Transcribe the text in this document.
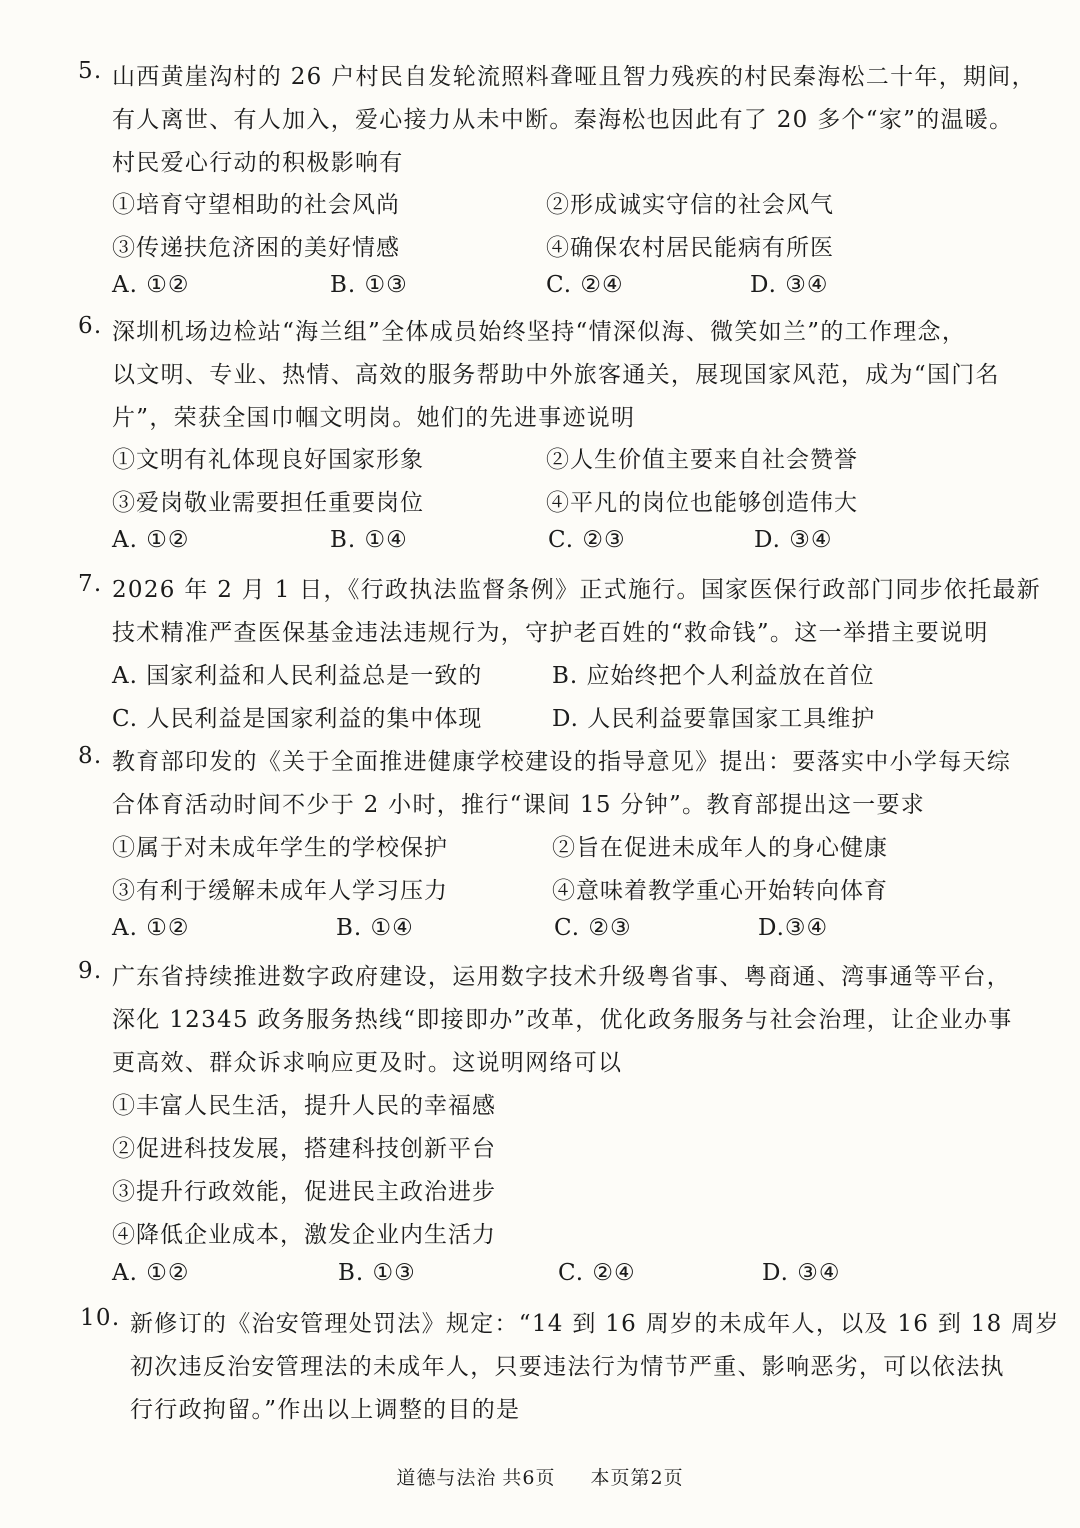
5. 山西黄崖沟村的 26 户村民自发轮流照料聋哑且智力残疾的村民秦海松二十年，期间，
有人离世、有人加入，爱心接力从未中断。秦海松也因此有了 20 多个“家”的温暖。
村民爱心行动的积极影响有
①培育守望相助的社会风尚	②形成诚实守信的社会风气
③传递扶危济困的美好情感	④确保农村居民能病有所医
A. ①②	B. ①③	C. ②④	D. ③④
6. 深圳机场边检站“海兰组”全体成员始终坚持“情深似海、微笑如兰”的工作理念，
以文明、专业、热情、高效的服务帮助中外旅客通关，展现国家风范，成为“国门名
片”，荣获全国巾帼文明岗。她们的先进事迹说明
①文明有礼体现良好国家形象	②人生价值主要来自社会赞誉
③爱岗敬业需要担任重要岗位	④平凡的岗位也能够创造伟大
A. ①②	B. ①④	C. ②③	D. ③④
7. 2026 年 2 月 1 日，《行政执法监督条例》正式施行。国家医保行政部门同步依托最新
技术精准严查医保基金违法违规行为，守护老百姓的“救命钱”。这一举措主要说明
A. 国家利益和人民利益总是一致的	B. 应始终把个人利益放在首位
C. 人民利益是国家利益的集中体现	D. 人民利益要靠国家工具维护
8. 教育部印发的《关于全面推进健康学校建设的指导意见》提出：要落实中小学每天综
合体育活动时间不少于 2 小时，推行“课间 15 分钟”。教育部提出这一要求
①属于对未成年学生的学校保护	②旨在促进未成年人的身心健康
③有利于缓解未成年人学习压力	④意味着教学重心开始转向体育
A. ①②	B. ①④	C. ②③	D.③④
9. 广东省持续推进数字政府建设，运用数字技术升级粤省事、粤商通、湾事通等平台，
深化 12345 政务服务热线“即接即办”改革，优化政务服务与社会治理，让企业办事
更高效、群众诉求响应更及时。这说明网络可以
①丰富人民生活，提升人民的幸福感
②促进科技发展，搭建科技创新平台
③提升行政效能，促进民主政治进步
④降低企业成本，激发企业内生活力
A. ①②	B. ①③	C. ②④	D. ③④
10. 新修订的《治安管理处罚法》规定：“14 到 16 周岁的未成年人，以及 16 到 18 周岁
初次违反治安管理法的未成年人，只要违法行为情节严重、影响恶劣，可以依法执
行行政拘留。”作出以上调整的目的是
道德与法治 共6页 本页第2页
